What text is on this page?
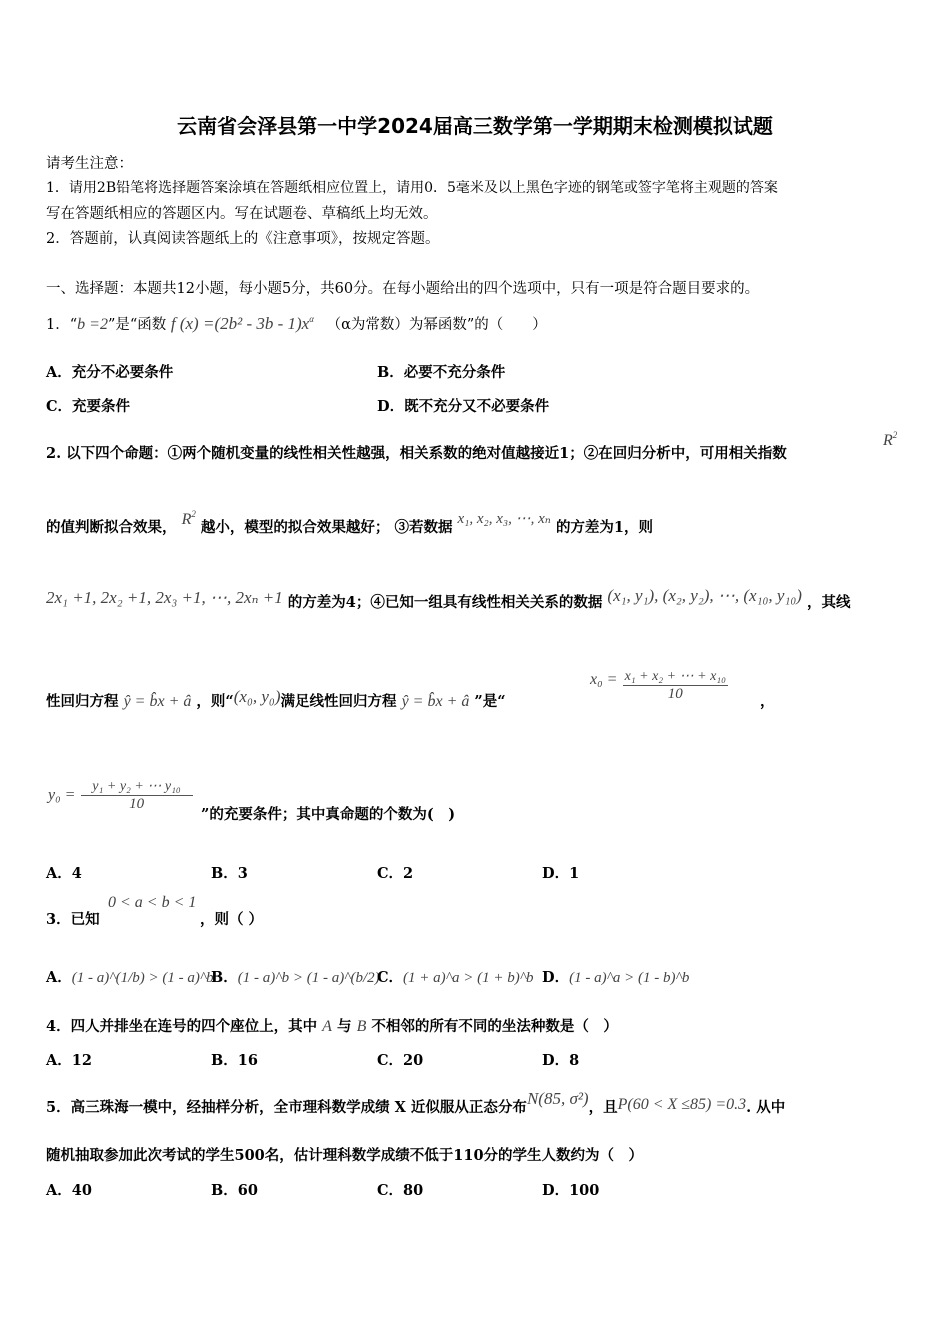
云南省会泽县第一中学2024届高三数学第一学期期末检测模拟试题
请考生注意：
1．请用2B铅笔将选择题答案涂填在答题纸相应位置上，请用0．5毫米及以上黑色字迹的钢笔或签字笔将主观题的答案
写在答题纸相应的答题区内。写在试题卷、草稿纸上均无效。
2．答题前，认真阅读答题纸上的《注意事项》，按规定答题。
一、选择题：本题共12小题，每小题5分，共60分。在每小题给出的四个选项中，只有一项是符合题目要求的。
1．“b =2”是“函数 f $(x) =(2b^2 - 3b - 1)x^\alpha$ （α为常数）为幂函数”的（　　）
A．充分不必要条件	B．必要不充分条件
C．充要条件	D．既不充分又不必要条件
2. 以下四个命题：①两个随机变量的线性相关性越强，相关系数的绝对值越接近1；②在回归分析中，可用相关指数
$R^2$
的值判断拟合效果， $R^2$ 越小，模型的拟合效果越好； ③若数据 x₁, x₂, x₃, ⋯, xₙ 的方差为1，则
2x₁ +1, 2x₂ +1, 2x₃ +1, ⋯, 2xₙ +1 的方差为4；④已知一组具有线性相关关系的数据 (x₁, y₁), (x₂, y₂), ⋯, (x₁₀, y₁₀) ，其线
性回归方程 ŷ = b̂x + â ，则“(x₀, y₀)满足线性回归方程 ŷ = b̂x + â ”是“
$x_0 = \frac{\text{x₁ + x₂ + ⋯ + x₁₀}}{10}$ ，
$y_0 = \frac{\text{y₁ + y₂ + ⋯ y₁₀}}{10}$
”的充要条件；其中真命题的个数为(　)
A．4	B．3	C．2	D．1
3．已知
0 < a < b < 1
，则（ ）
A．(1 - a)^(1/b) > (1 - a)^b
B．(1 - a)^b > (1 - a)^(b/2)
C．(1 + a)^a > (1 + b)^b D．(1 - a)^a > (1 - b)^b
4．四人并排坐在连号的四个座位上，其中 A 与 B 不相邻的所有不同的坐法种数是（　）
A．12	B．16	C．20	D．8
5．高三珠海一模中，经抽样分析，全市理科数学成绩 X 近似服从正态分布N(85, σ²)，且P(60 < X ≤85) =0.3. 从中
随机抽取参加此次考试的学生500名，估计理科数学成绩不低于110分的学生人数约为（　）
A．40	B．60	C．80	D．100
